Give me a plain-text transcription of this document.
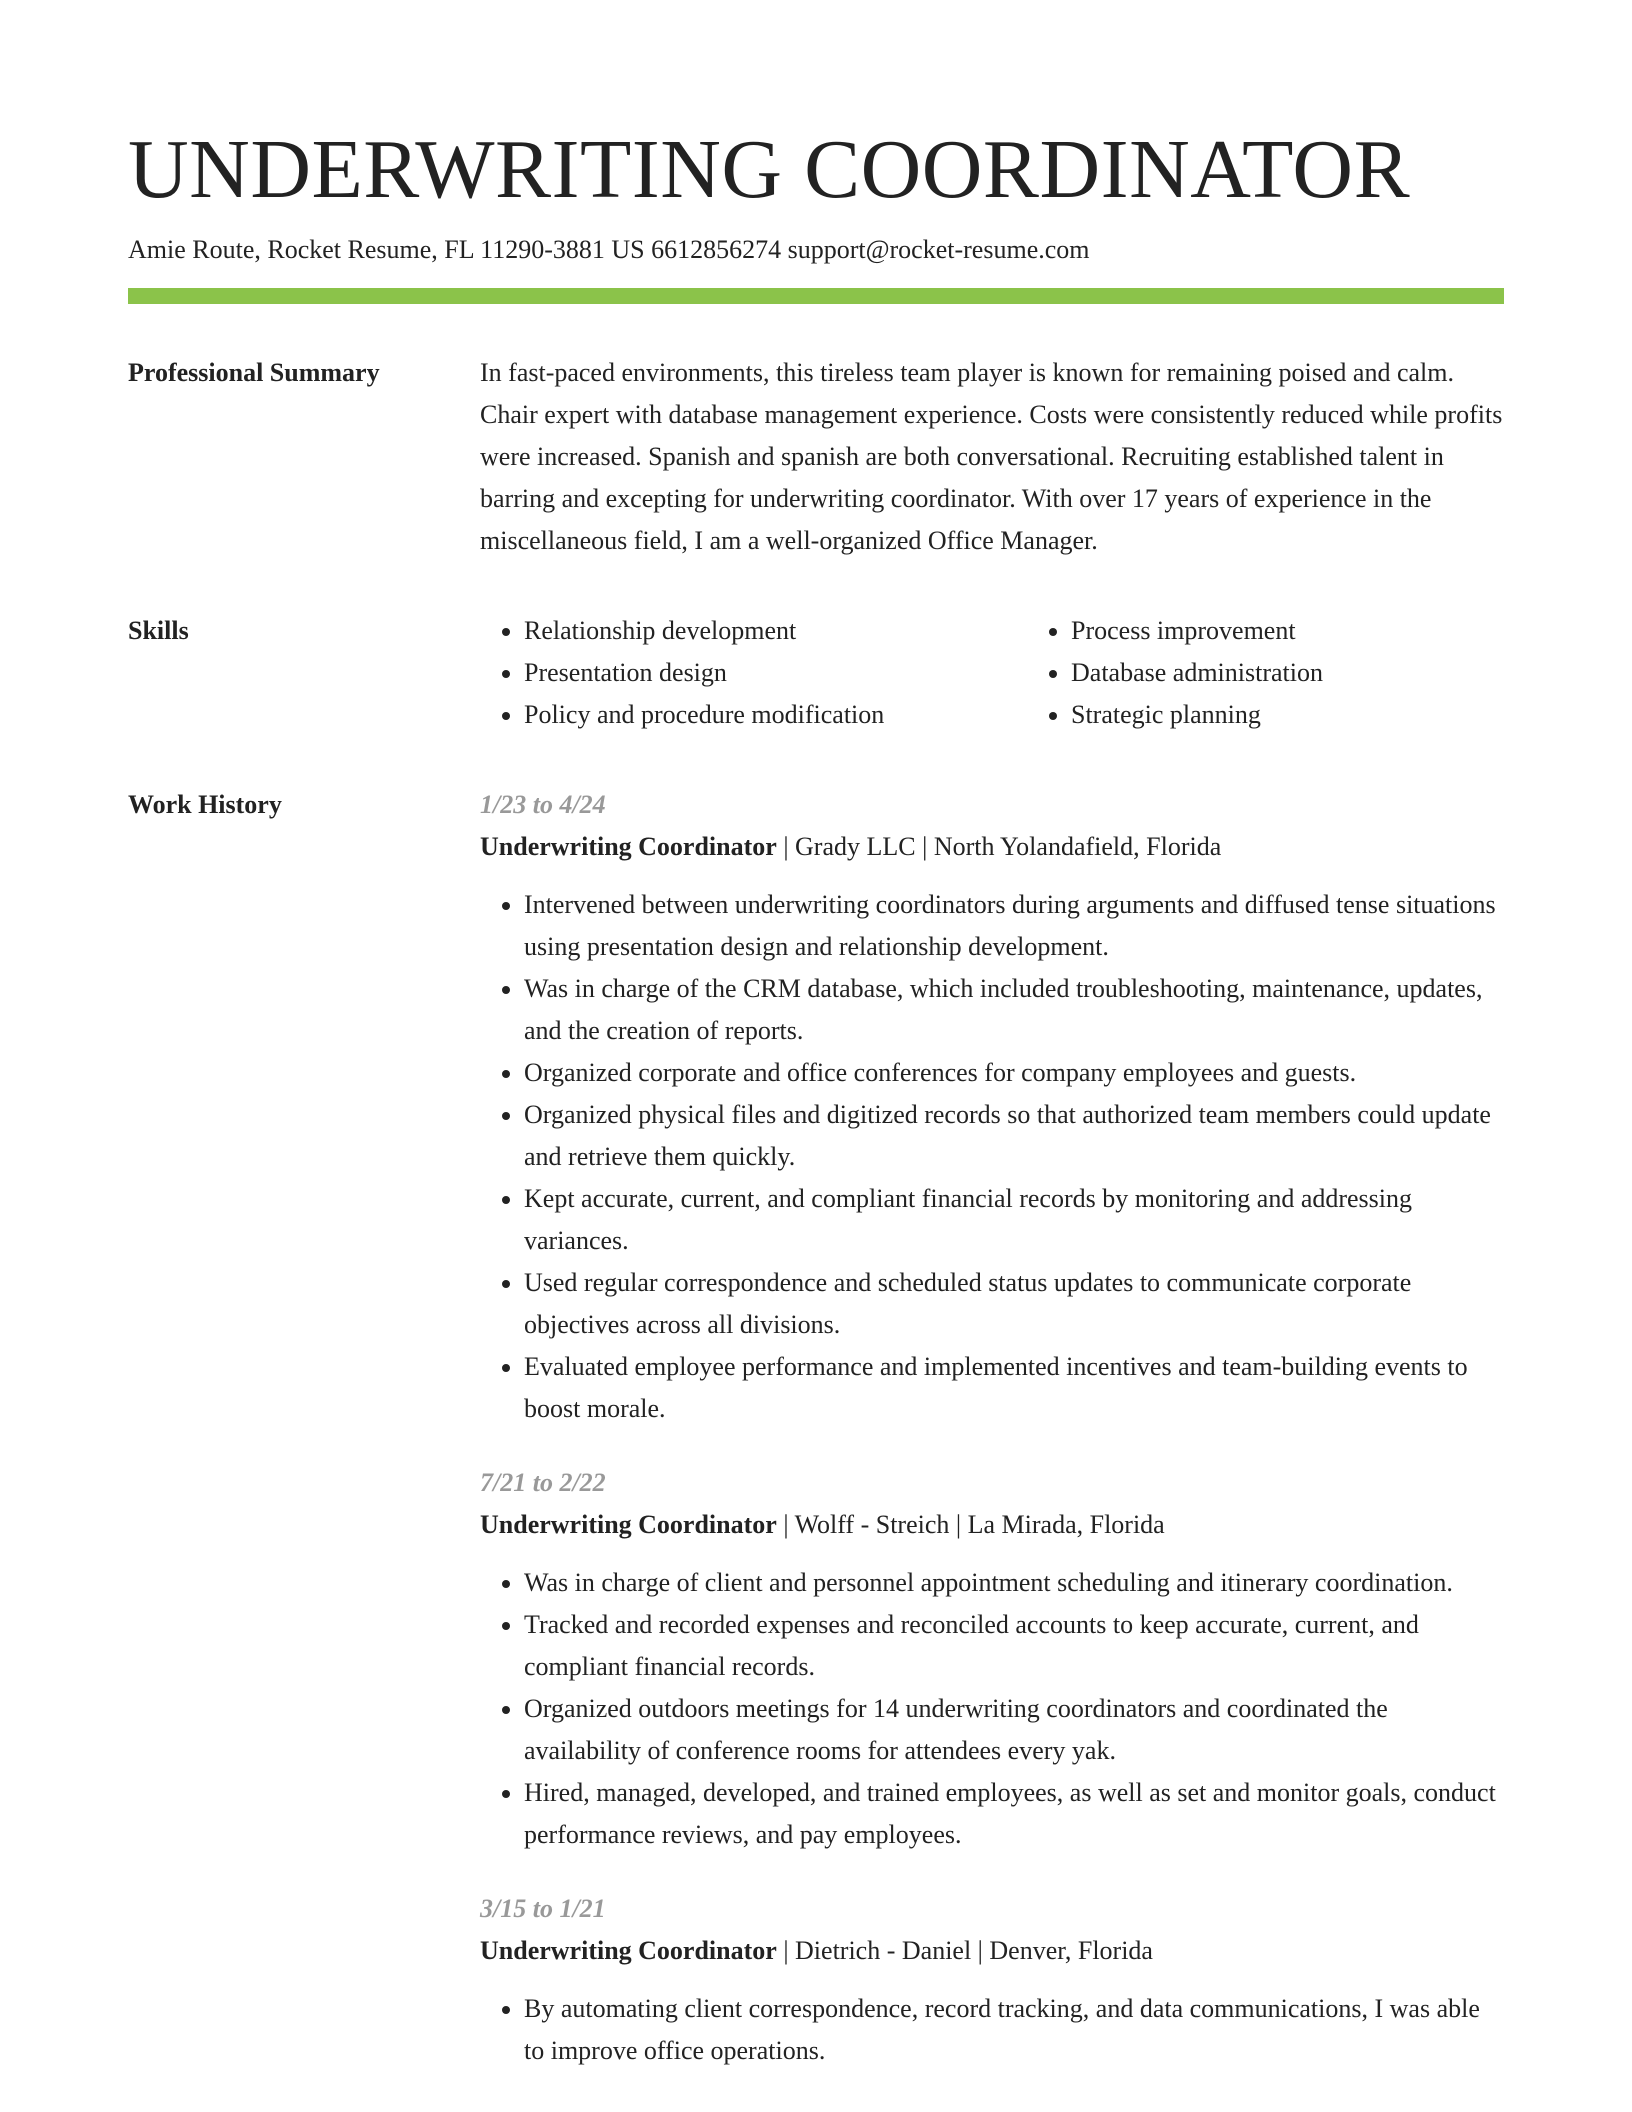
UNDERWRITING COORDINATOR
Amie Route, Rocket Resume, FL 11290-3881 US 6612856274 support@rocket-resume.com
Professional Summary	In fast-paced environments, this tireless team player is known for remaining poised and calm. Chair expert with database management experience. Costs were consistently reduced while profits were increased. Spanish and spanish are both conversational. Recruiting established talent in barring and excepting for underwriting coordinator. With over 17 years of experience in the miscellaneous field, I am a well-organized Office Manager.

Skills
•	Relationship development
• Presentation design
• Policy and procedure modification
• Process improvement
• Database administration
• Strategic planning
Work History	1/23 to 4/24
Underwriting Coordinator | Grady LLC | North Yolandafield, Florida
• Intervened between underwriting coordinators during arguments and diffused tense situations using presentation design and relationship development.
• Was in charge of the CRM database, which included troubleshooting, maintenance, updates, and the creation of reports.
• Organized corporate and office conferences for company employees and guests.
• Organized physical files and digitized records so that authorized team members could update and retrieve them quickly.
• Kept accurate, current, and compliant financial records by monitoring and addressing variances.
• Used regular correspondence and scheduled status updates to communicate corporate objectives across all divisions.
• Evaluated employee performance and implemented incentives and team-building events to boost morale.
7/21 to 2/22
Underwriting Coordinator | Wolff - Streich | La Mirada, Florida
• Was in charge of client and personnel appointment scheduling and itinerary coordination.
• Tracked and recorded expenses and reconciled accounts to keep accurate, current, and compliant financial records.
• Organized outdoors meetings for 14 underwriting coordinators and coordinated the availability of conference rooms for attendees every yak.
• Hired, managed, developed, and trained employees, as well as set and monitor goals, conduct performance reviews, and pay employees.
3/15 to 1/21
Underwriting Coordinator | Dietrich - Daniel | Denver, Florida
• By automating client correspondence, record tracking, and data communications, I was able to improve office operations.
